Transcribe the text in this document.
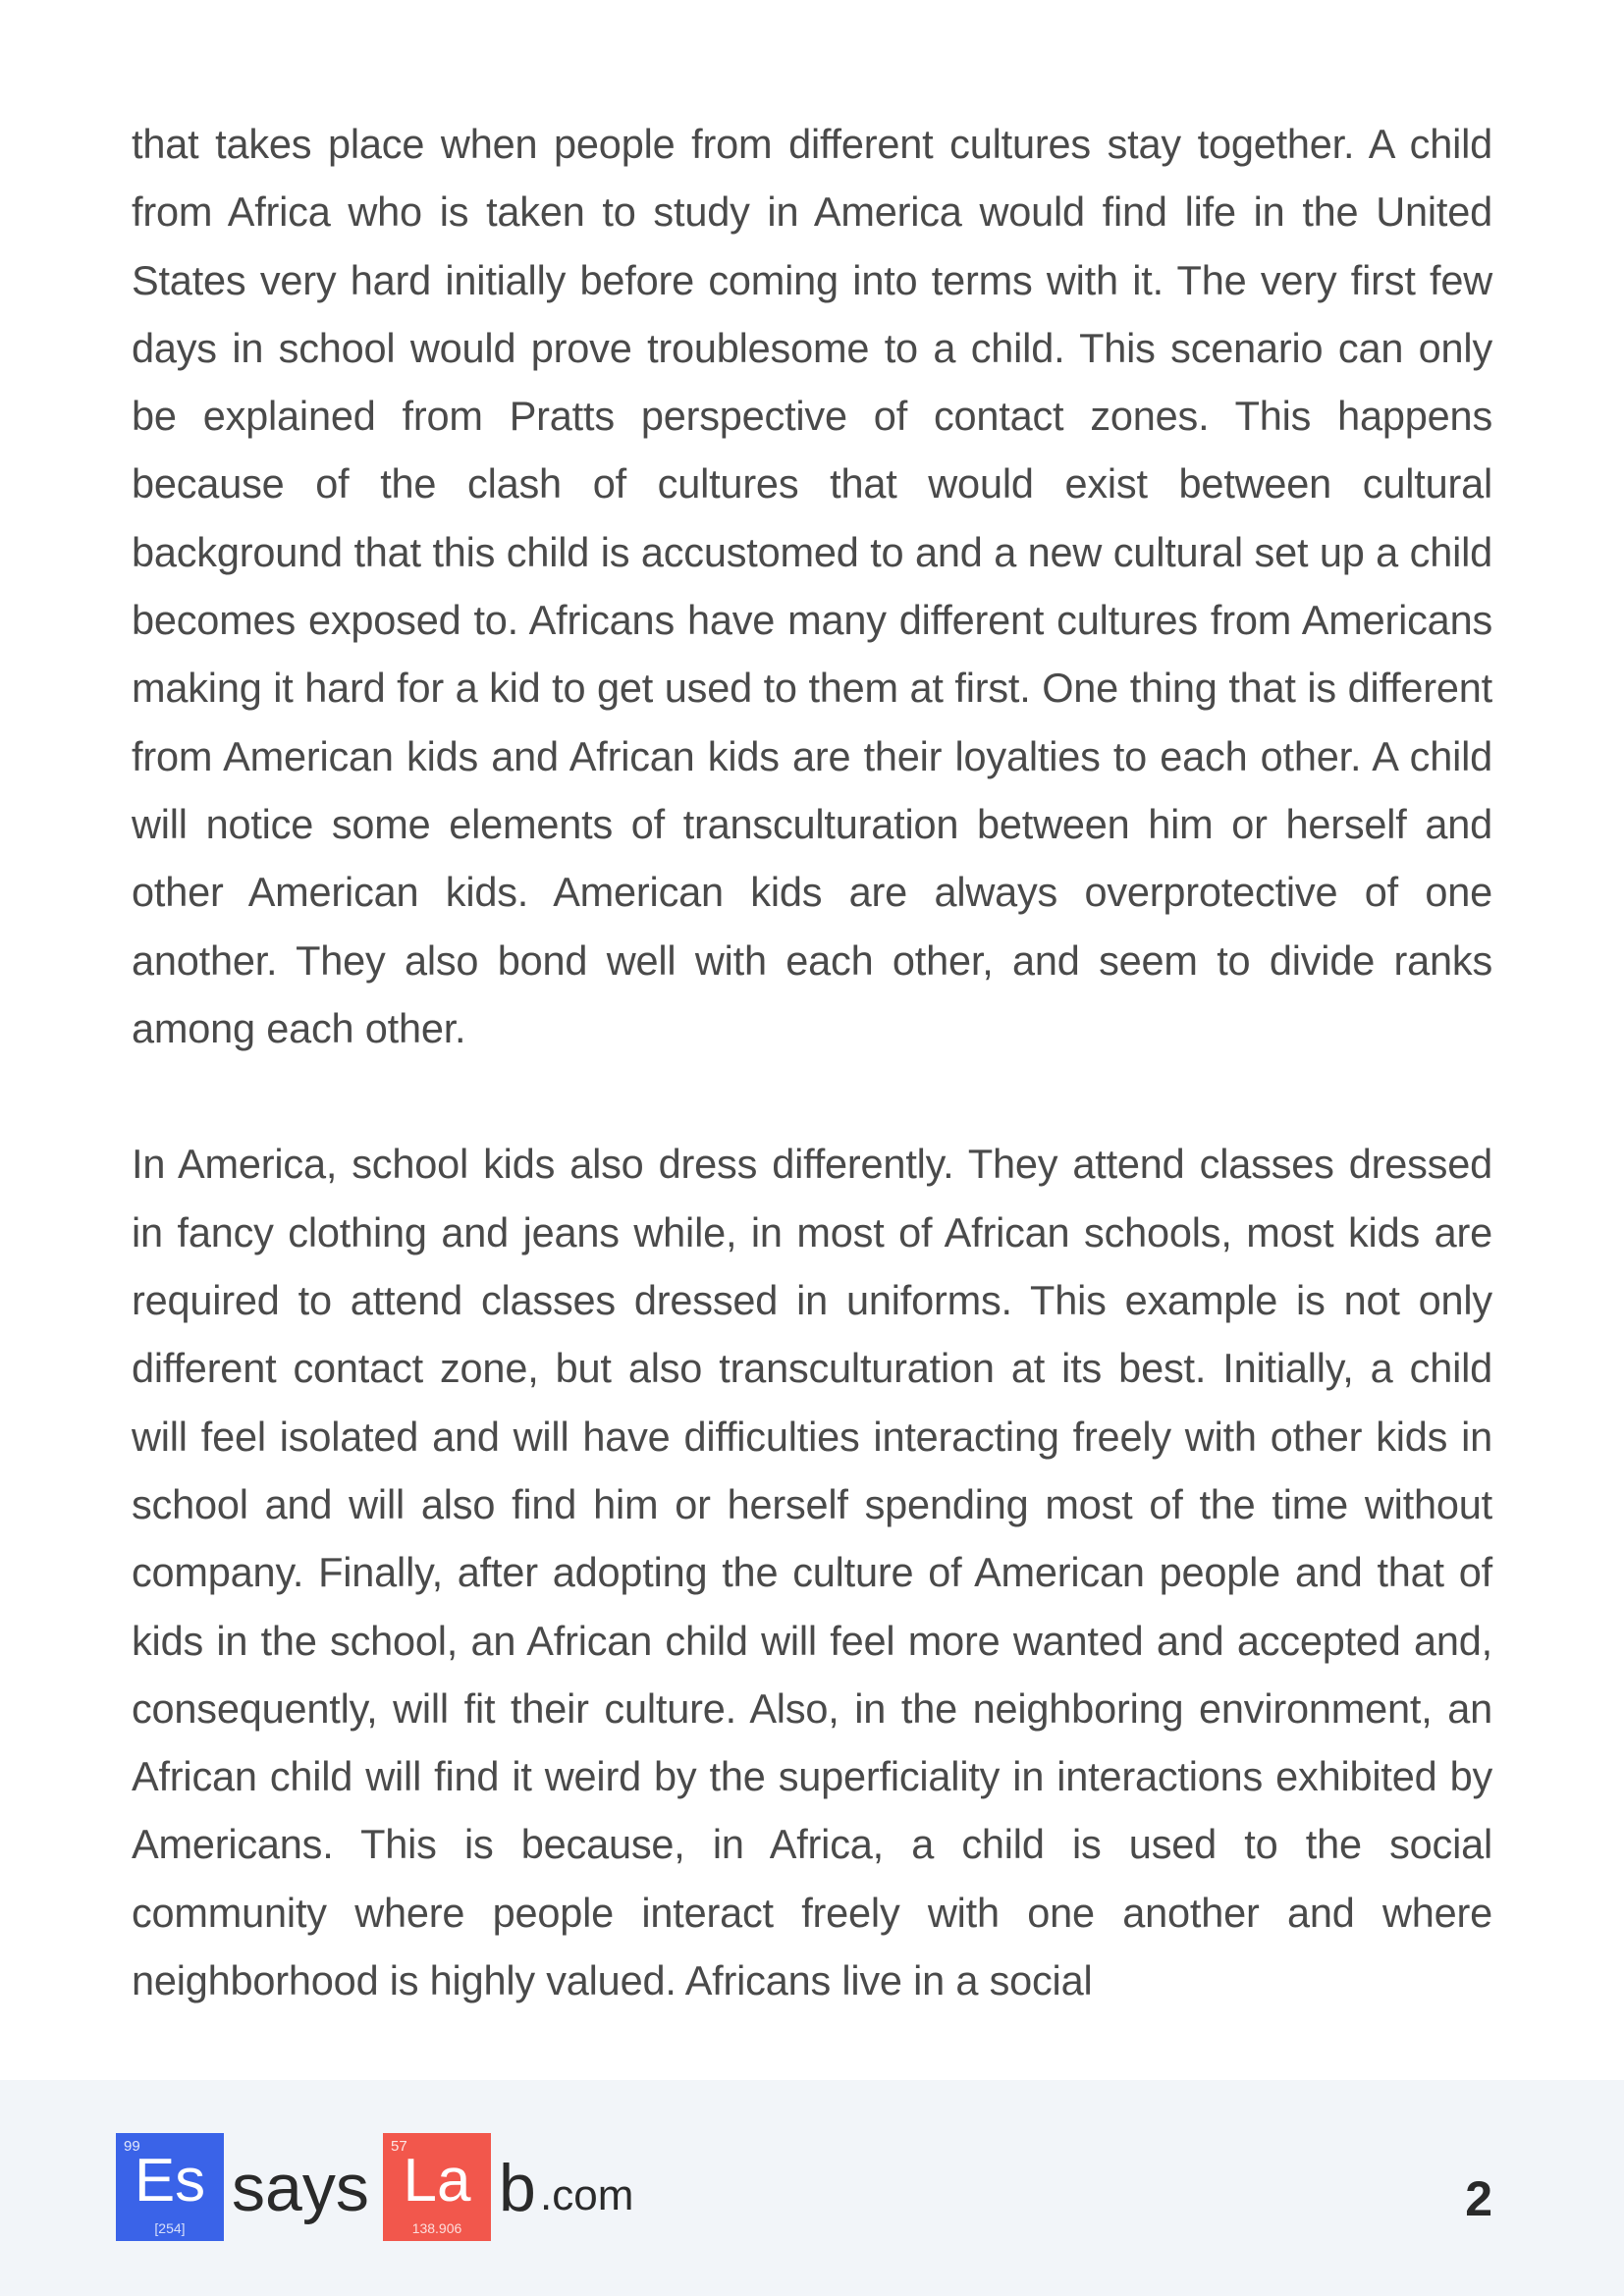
that takes place when people from different cultures stay together. A child from Africa who is taken to study in America would find life in the United States very hard initially before coming into terms with it. The very first few days in school would prove troublesome to a child. This scenario can only be explained from Pratts perspective of contact zones. This happens because of the clash of cultures that would exist between cultural background that this child is accustomed to and a new cultural set up a child becomes exposed to. Africans have many different cultures from Americans making it hard for a kid to get used to them at first. One thing that is different from American kids and African kids are their loyalties to each other. A child will notice some elements of transculturation between him or herself and other American kids. American kids are always overprotective of one another. They also bond well with each other, and seem to divide ranks among each other.

In America, school kids also dress differently. They attend classes dressed in fancy clothing and jeans while, in most of African schools, most kids are required to attend classes dressed in uniforms. This example is not only different contact zone, but also transculturation at its best. Initially, a child will feel isolated and will have difficulties interacting freely with other kids in school and will also find him or herself spending most of the time without company. Finally, after adopting the culture of American people and that of kids in the school, an African child will feel more wanted and accepted and, consequently, will fit their culture. Also, in the neighboring environment, an African child will find it weird by the superficiality in interactions exhibited by Americans. This is because, in Africa, a child is used to the social community where people interact freely with one another and where neighborhood is highly valued. Africans live in a social

99
Es
[254]
says
57
La
138.906
b .com	2
